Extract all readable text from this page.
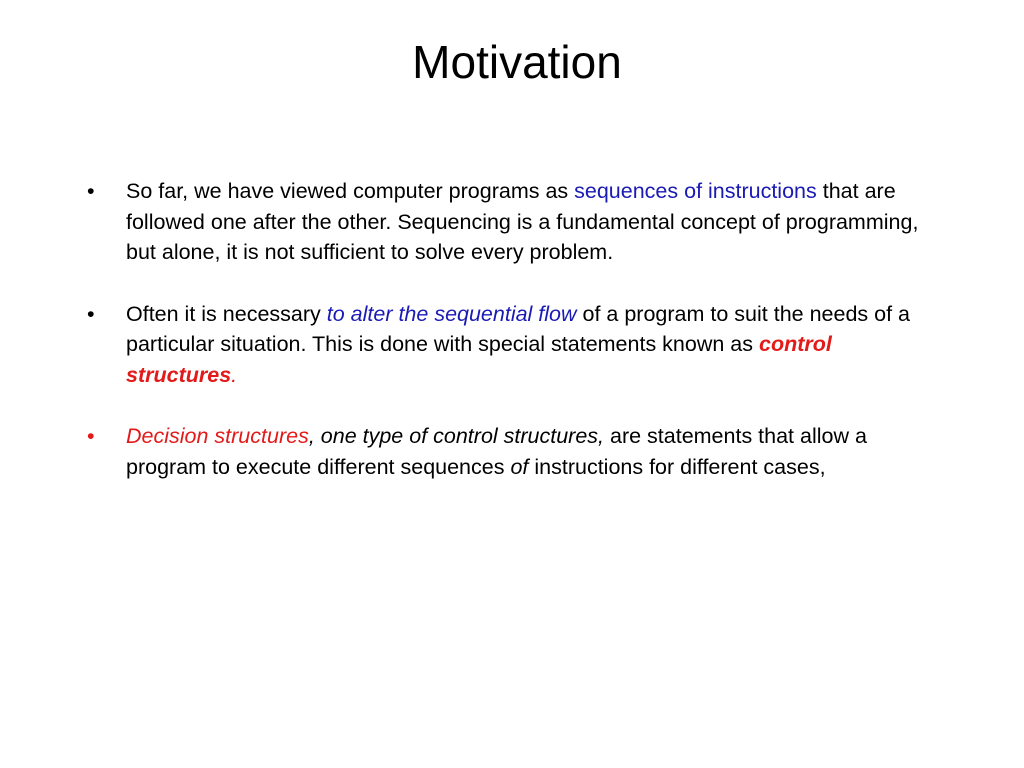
Motivation
• So far, we have viewed computer programs as sequences of instructions that are followed one after the other. Sequencing is a fundamental concept of programming, but alone, it is not sufficient to solve every problem.
• Often it is necessary to alter the sequential flow of a program to suit the needs of a particular situation. This is done with special statements known as control structures.
• Decision structures, one type of control structures, are statements that allow a program to execute different sequences of instructions for different cases,
